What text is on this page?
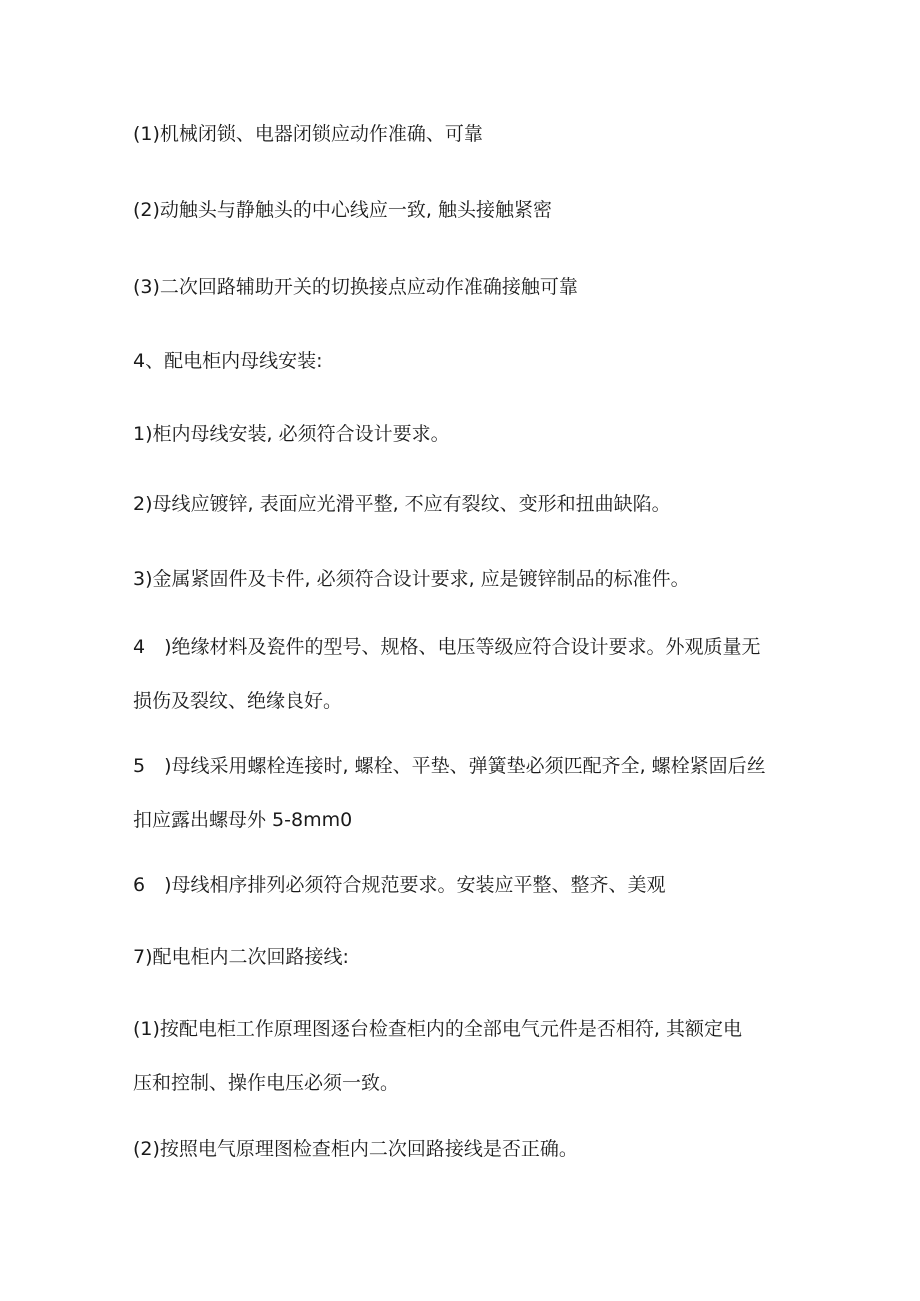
(1)机械闭锁、电器闭锁应动作准确、可靠

(2)动触头与静触头的中心线应一致, 触头接触紧密

(3)二次回路辅助开关的切换接点应动作准确接触可靠

4、配电柜内母线安装:

1)柜内母线安装, 必须符合设计要求。

2)母线应镀锌, 表面应光滑平整, 不应有裂纹、变形和扭曲缺陷。

3)金属紧固件及卡件, 必须符合设计要求, 应是镀锌制品的标准件。

4　)绝缘材料及瓷件的型号、规格、电压等级应符合设计要求。外观质量无
损伤及裂纹、绝缘良好。

5　)母线采用螺栓连接时, 螺栓、平垫、弹簧垫必须匹配齐全, 螺栓紧固后丝
扣应露出螺母外 5-8mm0

6　)母线相序排列必须符合规范要求。安装应平整、整齐、美观

7)配电柜内二次回路接线:

(1)按配电柜工作原理图逐台检查柜内的全部电气元件是否相符, 其额定电
压和控制、操作电压必须一致。

(2)按照电气原理图检查柜内二次回路接线是否正确。
